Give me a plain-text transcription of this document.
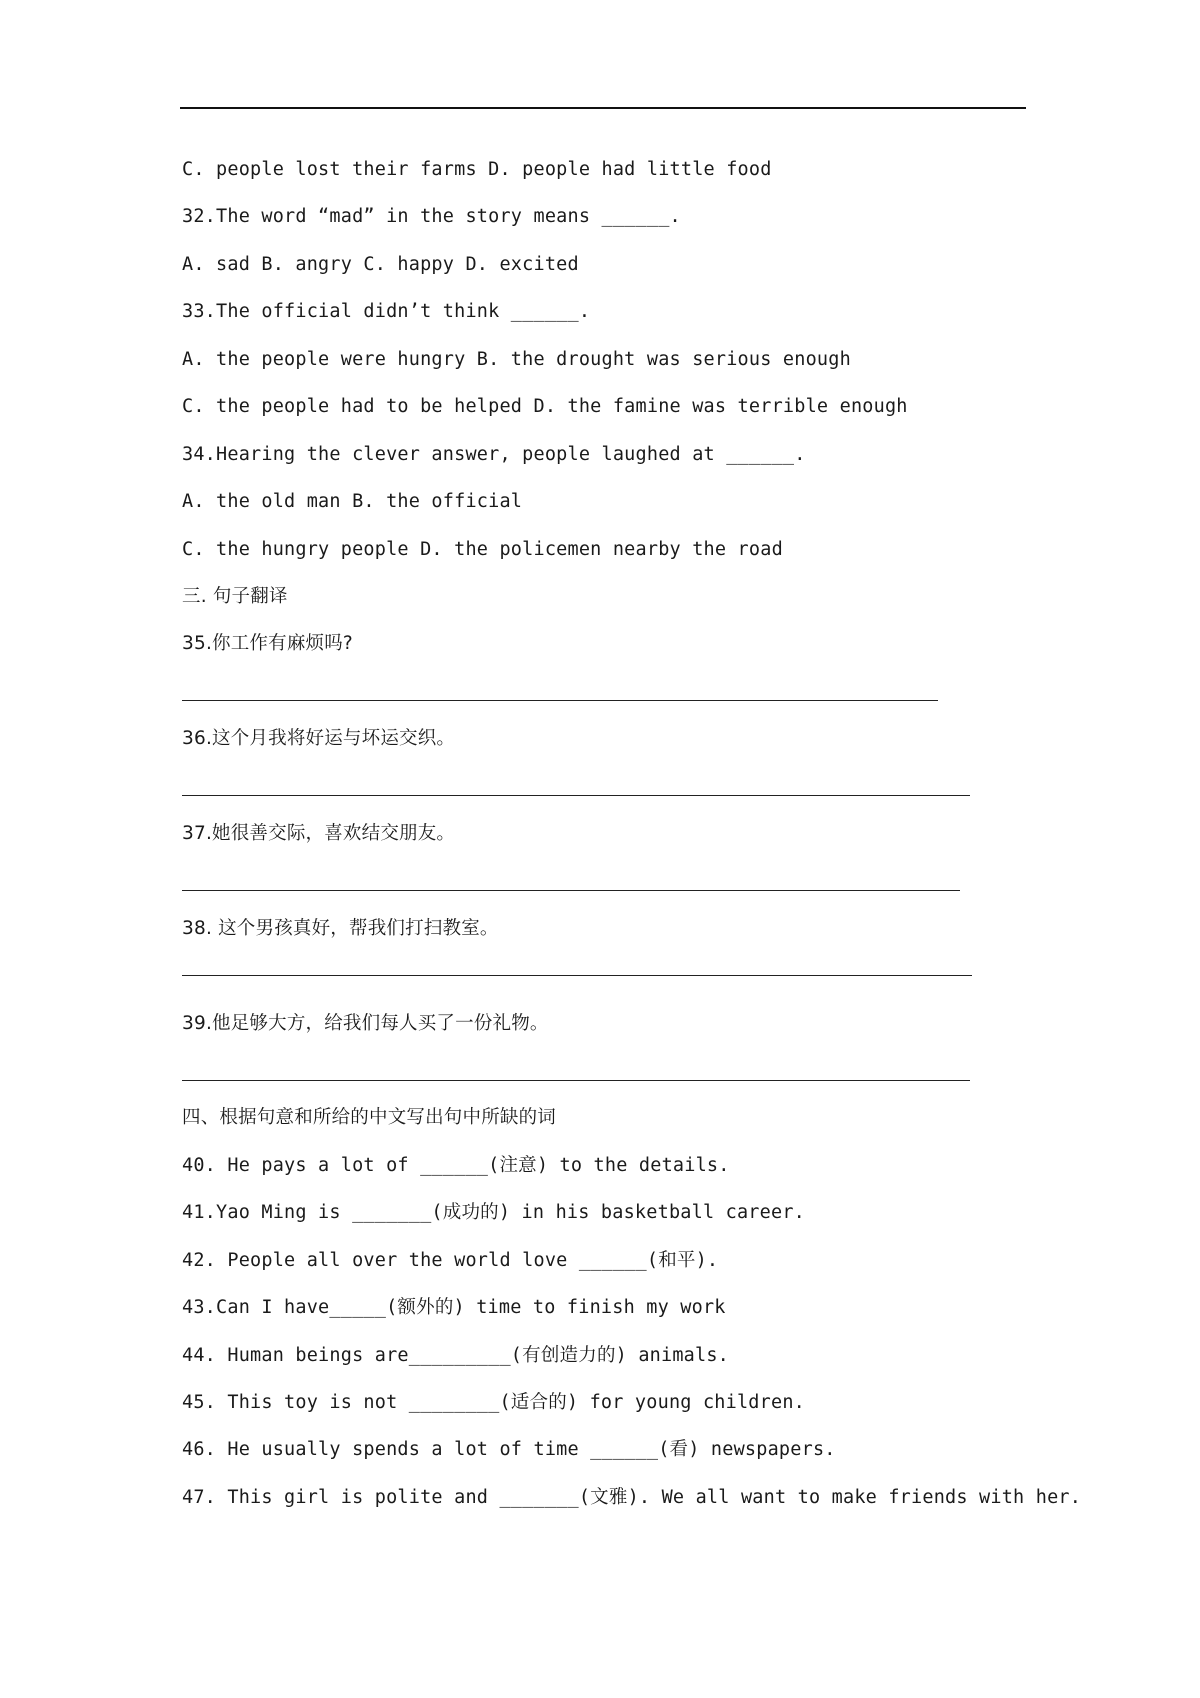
C. people lost their farms D. people had little food
32.The word “mad” in the story means ______.
A. sad B. angry C. happy D. excited
33.The official didn’t think ______.
A. the people were hungry B. the drought was serious enough
C. the people had to be helped D. the famine was terrible enough
34.Hearing the clever answer, people laughed at ______.
A. the old man B. the official
C. the hungry people D. the policemen nearby the road
三. 句子翻译
35.你工作有麻烦吗?
36.这个月我将好运与坏运交织。
37.她很善交际，喜欢结交朋友。
38. 这个男孩真好，帮我们打扫教室。
39.他足够大方，给我们每人买了一份礼物。
四、根据句意和所给的中文写出句中所缺的词
40. He pays a lot of ______(注意) to the details.
41.Yao Ming is _______(成功的) in his basketball career.
42. People all over the world love ______(和平).
43.Can I have_____(额外的) time to finish my work
44. Human beings are_________(有创造力的) animals.
45. This toy is not ________(适合的) for young children.
46. He usually spends a lot of time ______(看) newspapers.
47. This girl is polite and _______(文雅). We all want to make friends with her.
